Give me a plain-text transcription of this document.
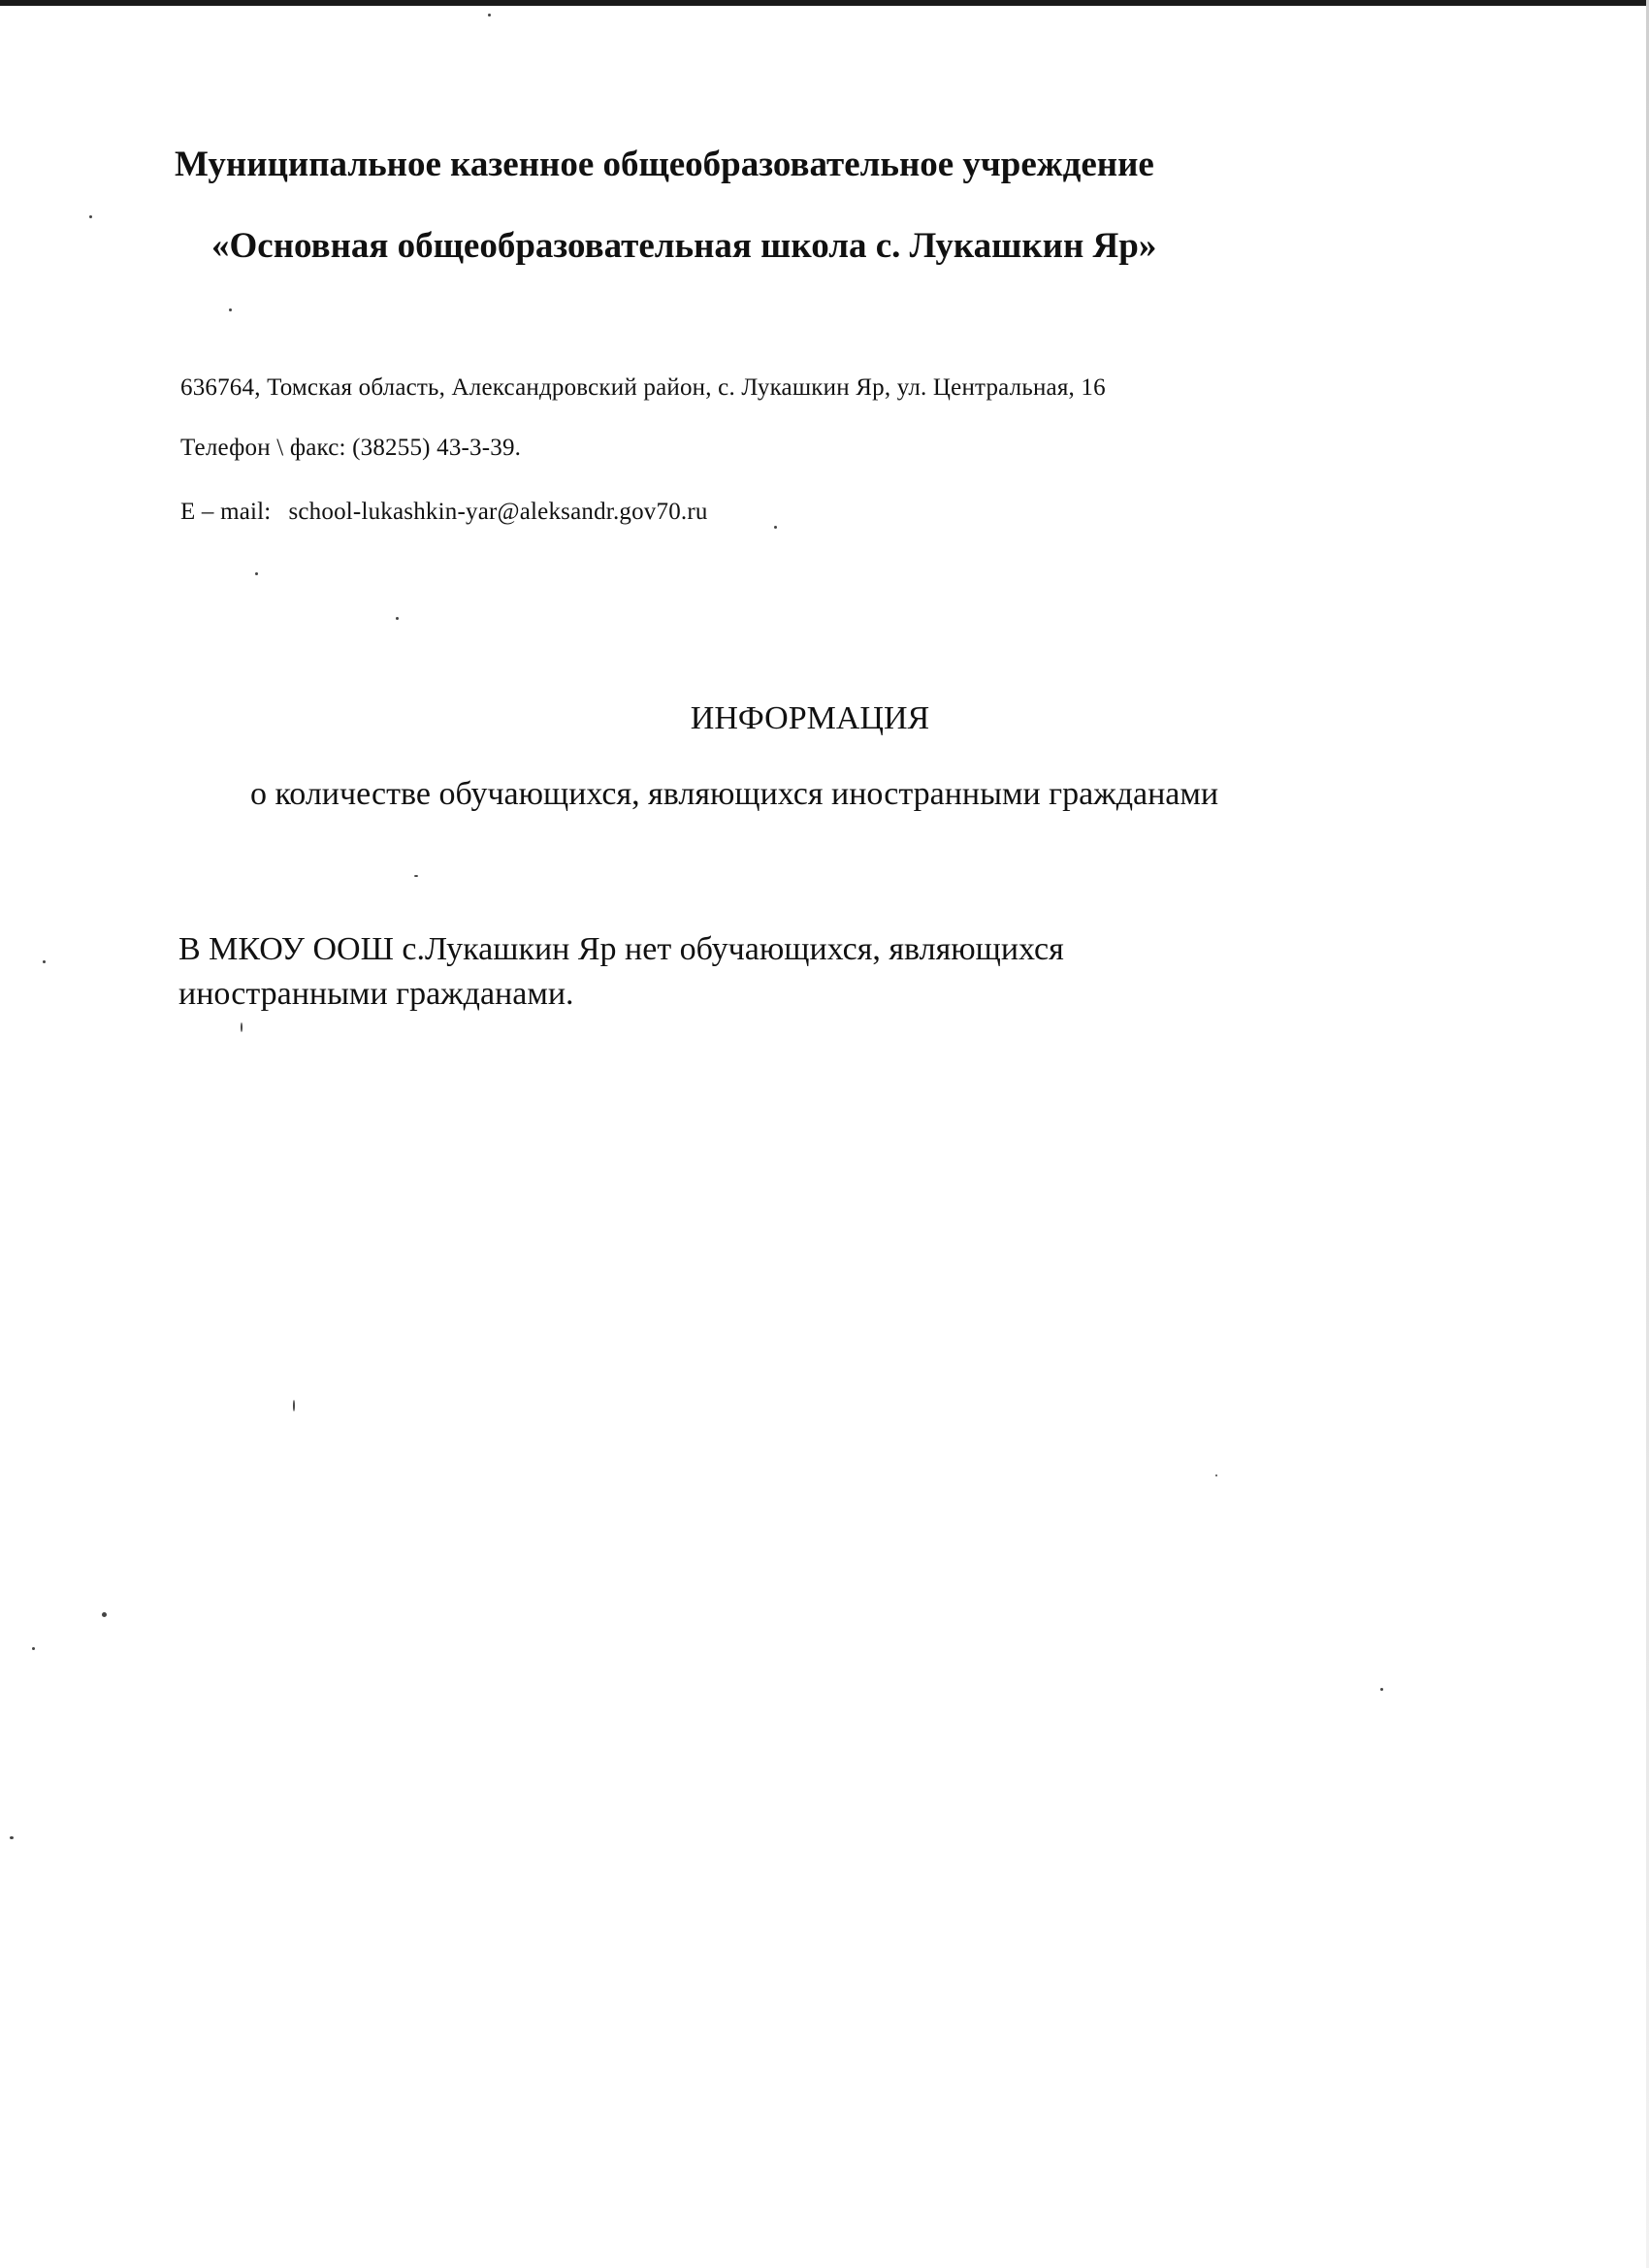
Муниципальное казенное общеобразовательное учреждение
«Основная общеобразовательная школа с. Лукашкин Яр»
636764, Томская область, Александровский район, с. Лукашкин Яр, ул. Центральная, 16
Телефон \ факс: (38255) 43-3-39.
E – mail: school-lukashkin-yar@aleksandr.gov70.ru
ИНФОРМАЦИЯ
о количестве обучающихся, являющихся иностранными гражданами
В МКОУ ООШ с.Лукашкин Яр нет обучающихся, являющихся
иностранными гражданами.
